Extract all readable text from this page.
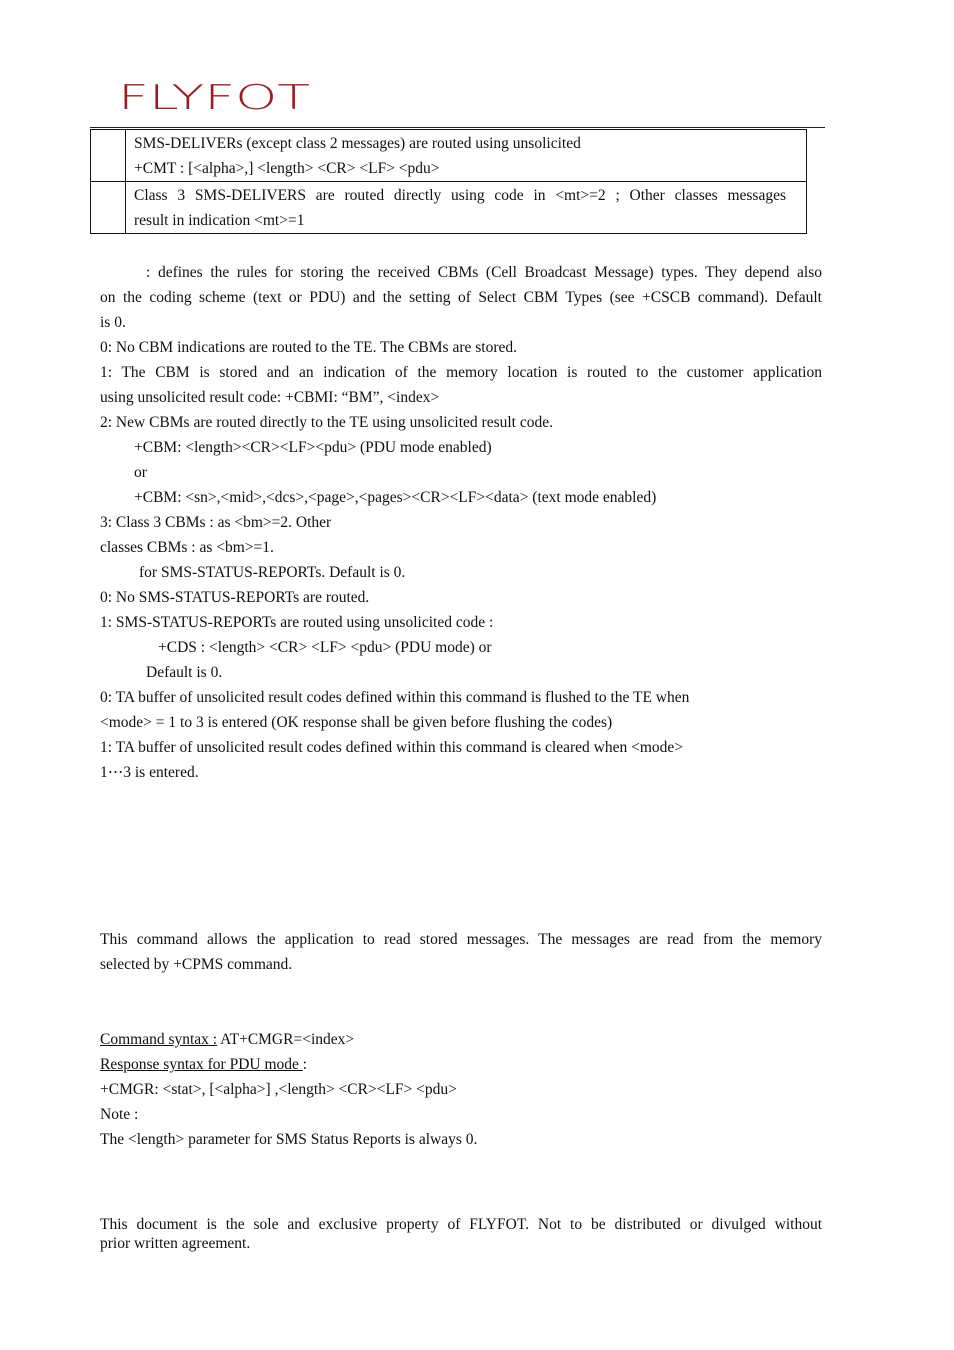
FLYFOT

	SMS-DELIVERs (except class 2 messages) are routed using unsolicited
+CMT : [<alpha>,] <length> <CR> <LF> <pdu>

	Class 3 SMS-DELIVERS are routed directly using code in <mt>=2 ; Other classes messages
result in indication <mt>=1
: defines the rules for storing the received CBMs (Cell Broadcast Message) types. They depend also
on the coding scheme (text or PDU) and the setting of Select CBM Types (see +CSCB command). Default
is 0.
0: No CBM indications are routed to the TE. The CBMs are stored.
1: The CBM is stored and an indication of the memory location is routed to the customer application
using unsolicited result code: +CBMI: “BM”, <index>
2: New CBMs are routed directly to the TE using unsolicited result code.
+CBM: <length><CR><LF><pdu> (PDU mode enabled)
or
+CBM: <sn>,<mid>,<dcs>,<page>,<pages><CR><LF><data> (text mode enabled)
3: Class 3 CBMs : as <bm>=2. Other
classes CBMs : as <bm>=1.
for SMS-STATUS-REPORTs. Default is 0.
0: No SMS-STATUS-REPORTs are routed.
1: SMS-STATUS-REPORTs are routed using unsolicited code :
+CDS : <length> <CR> <LF> <pdu> (PDU mode) or
Default is 0.
0: TA buffer of unsolicited result codes defined within this command is flushed to the TE when
<mode> = 1 to 3 is entered (OK response shall be given before flushing the codes)
1: TA buffer of unsolicited result codes defined within this command is cleared when <mode>
1⋯3 is entered.
This command allows the application to read stored messages. The messages are read from the memory
selected by +CPMS command.
Command syntax : AT+CMGR=<index>
Response syntax for PDU mode :
+CMGR: <stat>, [<alpha>] ,<length> <CR><LF> <pdu>
Note :
The <length> parameter for SMS Status Reports is always 0.
This document is the sole and exclusive property of FLYFOT. Not to be distributed or divulged without
prior written agreement.
